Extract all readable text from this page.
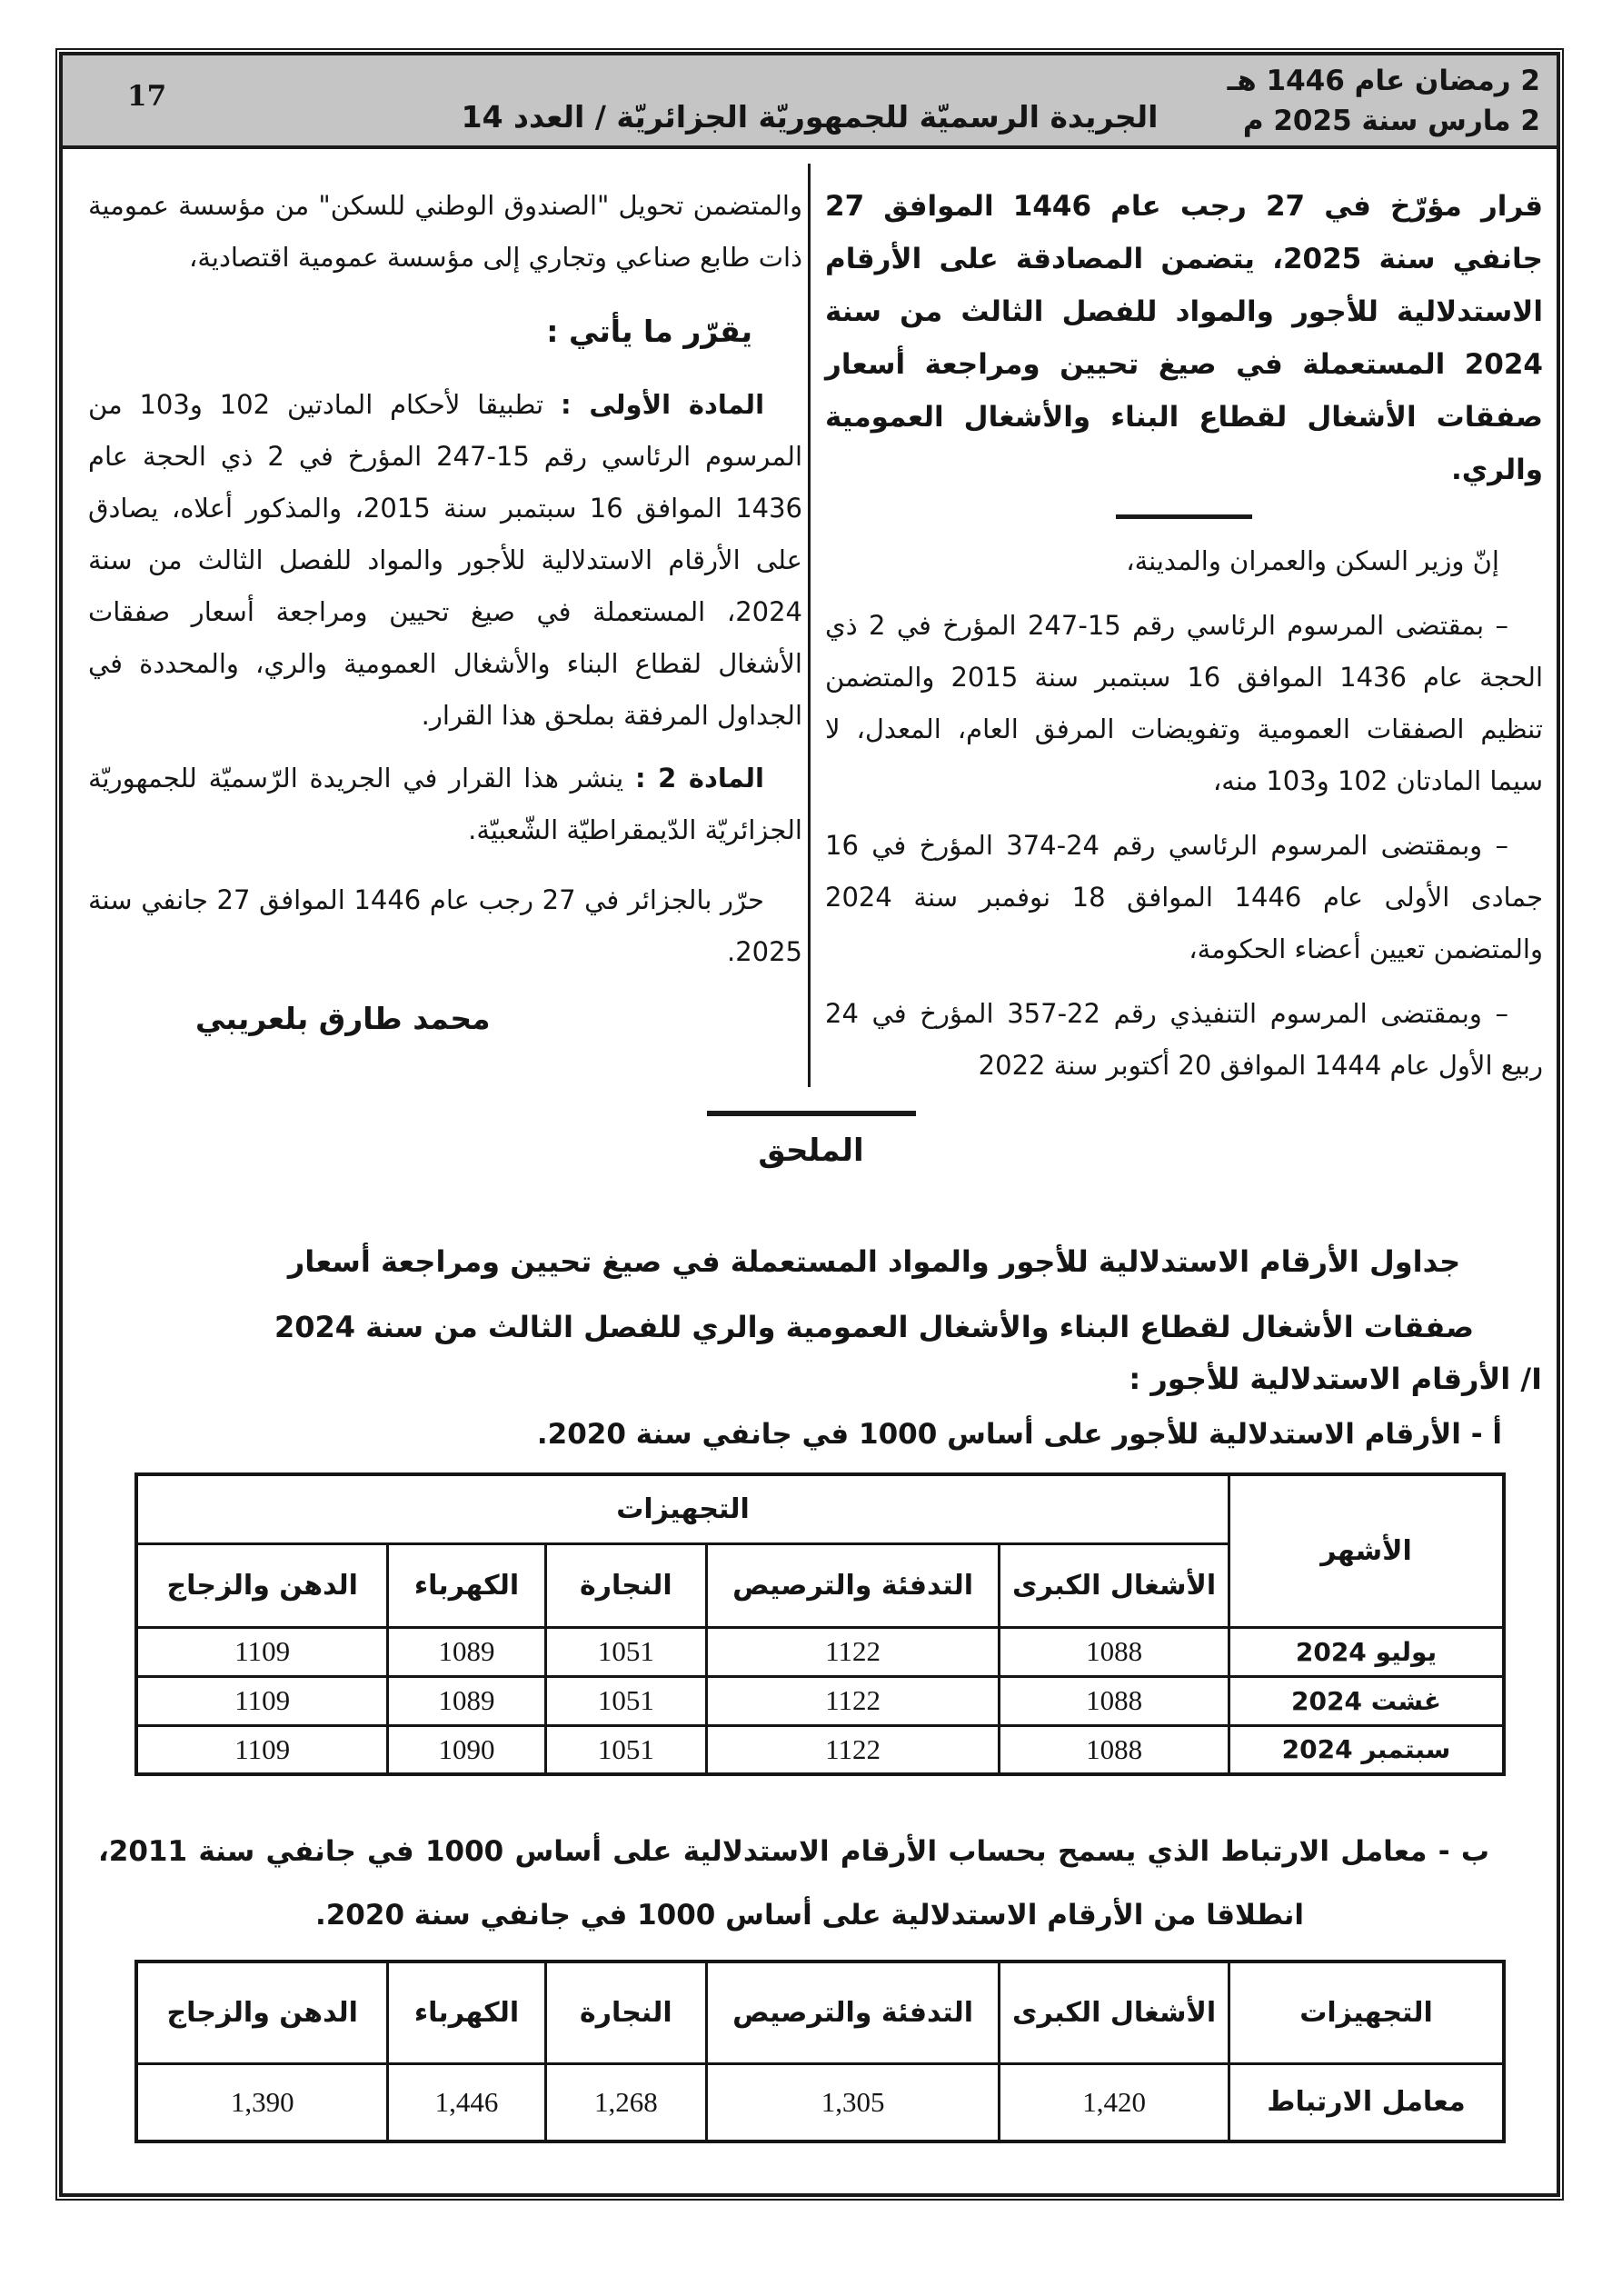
2 رمضان عام 1446 هـ
2 مارس سنة 2025 م
الجريدة الرسميّة للجمهوريّة الجزائريّة / العدد 14
17

قرار مؤرّخ في 27 رجب عام 1446 الموافق 27 جانفي سنة 2025، يتضمن المصادقة على الأرقام الاستدلالية للأجور والمواد للفصل الثالث من سنة 2024 المستعملة في صيغ تحيين ومراجعة أسعار صفقات الأشغال لقطاع البناء والأشغال العمومية والري.

إنّ وزير السكن والعمران والمدينة،

– بمقتضى المرسوم الرئاسي رقم 15‏-247 المؤرخ في 2 ذي الحجة عام 1436 الموافق 16 سبتمبر سنة 2015 والمتضمن تنظيم الصفقات العمومية وتفويضات المرفق العام، المعدل، لا سيما المادتان 102 و103 منه،

– وبمقتضى المرسوم الرئاسي رقم 24‏-374 المؤرخ في 16 جمادى الأولى عام 1446 الموافق 18 نوفمبر سنة 2024 والمتضمن تعيين أعضاء الحكومة،

– وبمقتضى المرسوم التنفيذي رقم 22‏-357 المؤرخ في 24 ربيع الأول عام 1444 الموافق 20 أكتوبر سنة 2022

والمتضمن تحويل "الصندوق الوطني للسكن" من مؤسسة عمومية ذات طابع صناعي وتجاري إلى مؤسسة عمومية اقتصادية،

يقرّر ما يأتي :

المادة الأولى : تطبيقا لأحكام المادتين 102 و103 من المرسوم الرئاسي رقم 15‏-247 المؤرخ في 2 ذي الحجة عام 1436 الموافق 16 سبتمبر سنة 2015، والمذكور أعلاه، يصادق على الأرقام الاستدلالية للأجور والمواد للفصل الثالث من سنة 2024، المستعملة في صيغ تحيين ومراجعة أسعار صفقات الأشغال لقطاع البناء والأشغال العمومية والري، والمحددة في الجداول المرفقة بملحق هذا القرار.

المادة 2 : ينشر هذا القرار في الجريدة الرّسميّة للجمهوريّة الجزائريّة الدّيمقراطيّة الشّعبيّة.

حرّر بالجزائر في 27 رجب عام 1446 الموافق 27 جانفي سنة 2025.

محمد طارق بلعريبي

الملحق
جداول الأرقام الاستدلالية للأجور والمواد المستعملة في صيغ تحيين ومراجعة أسعار صفقات الأشغال لقطاع البناء والأشغال العمومية والري للفصل الثالث من سنة 2024
I/ الأرقام الاستدلالية للأجور :
أ - الأرقام الاستدلالية للأجور على أساس 1000 في جانفي سنة 2020.
الأشهر	التجهيزات				
	الأشغال الكبرى	التدفئة والترصيص	النجارة	الكهرباء	الدهن والزجاج
يوليو 2024	1088	1122	1051	1089	1109
غشت 2024	1088	1122	1051	1089	1109
سبتمبر 2024	1088	1122	1051	1090	1109
ب - معامل الارتباط الذي يسمح بحساب الأرقام الاستدلالية على أساس 1000 في جانفي سنة 2011، انطلاقا من الأرقام الاستدلالية على أساس 1000 في جانفي سنة 2020.
التجهيزات	الأشغال الكبرى	التدفئة والترصيص	النجارة	الكهرباء	الدهن والزجاج
معامل الارتباط	1,420	1,305	1,268	1,446	1,390
